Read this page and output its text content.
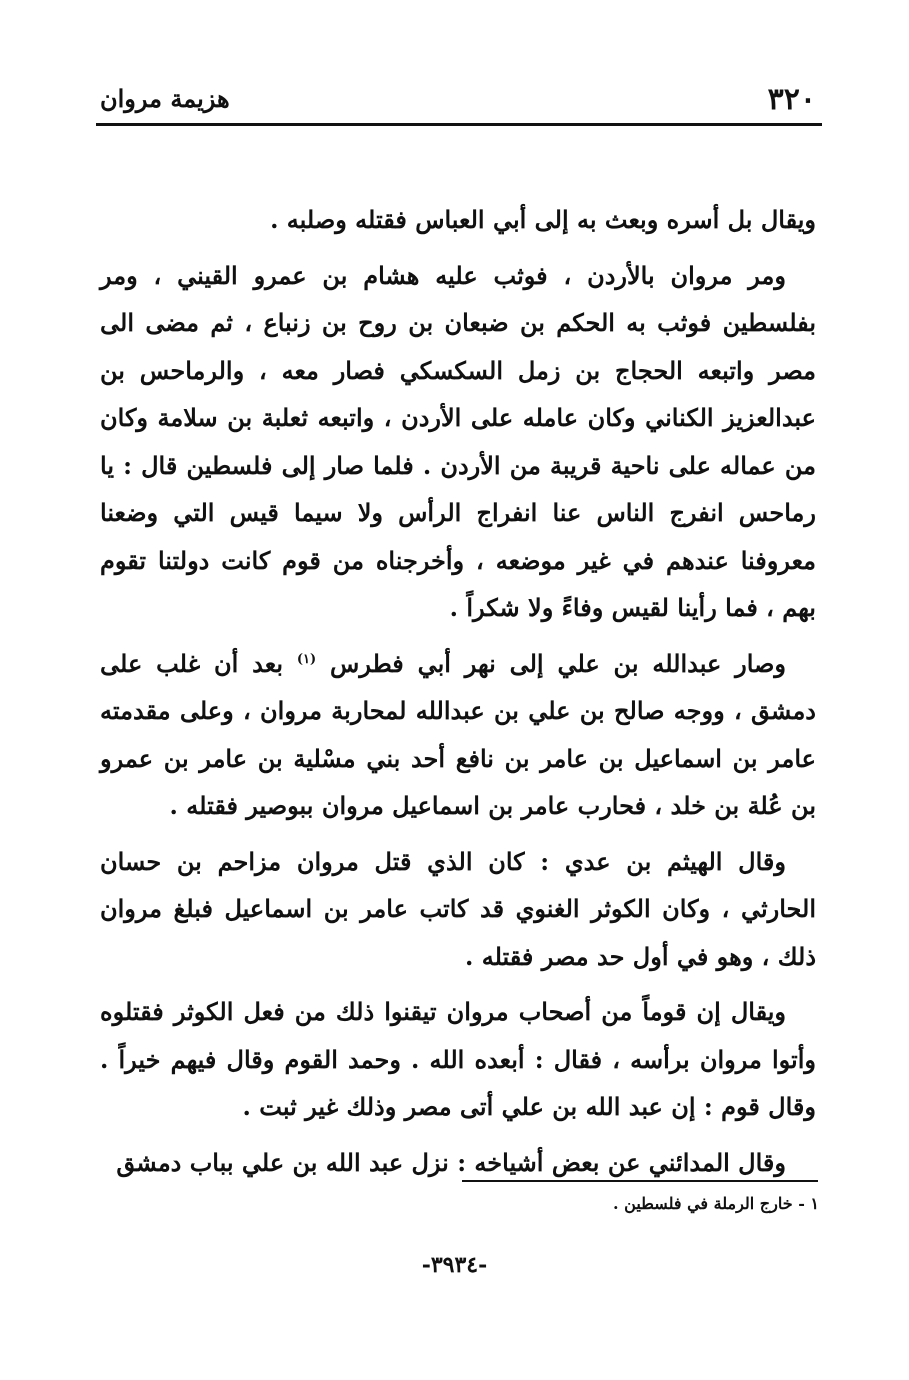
٣٢٠
هزيمة مروان

ويقال بل أسره وبعث به إلى أبي العباس فقتله وصلبه .

ومر مروان بالأردن ، فوثب عليه هشام بن عمرو القيني ، ومر بفلسطين فوثب به الحكم بن ضبعان بن روح بن زنباع ، ثم مضى الى مصر واتبعه الحجاج بن زمل السكسكي فصار معه ، والرماحس بن عبدالعزيز الكناني وكان عامله على الأردن ، واتبعه ثعلبة بن سلامة وكان من عماله على ناحية قريبة من الأردن . فلما صار إلى فلسطين قال : يا رماحس انفرج الناس عنا انفراج الرأس ولا سيما قيس التي وضعنا معروفنا عندهم في غير موضعه ، وأخرجناه من قوم كانت دولتنا تقوم بهم ، فما رأينا لقيس وفاءً ولا شكراً .

وصار عبدالله بن علي إلى نهر أبي فطرس $^{(١)}$ بعد أن غلب على دمشق ، ووجه صالح بن علي بن عبدالله لمحاربة مروان ، وعلى مقدمته عامر بن اسماعيل بن عامر بن نافع أحد بني مسْلية بن عامر بن عمرو بن عُلة بن خلد ، فحارب عامر بن اسماعيل مروان ببوصير فقتله .

وقال الهيثم بن عدي : كان الذي قتل مروان مزاحم بن حسان الحارثي ، وكان الكوثر الغنوي قد كاتب عامر بن اسماعيل فبلغ مروان ذلك ، وهو في أول حد مصر فقتله .

ويقال إن قوماً من أصحاب مروان تيقنوا ذلك من فعل الكوثر فقتلوه وأتوا مروان برأسه ، فقال : أبعده الله . وحمد القوم وقال فيهم خيراً . وقال قوم : إن عبد الله بن علي أتى مصر وذلك غير ثبت .

وقال المدائني عن بعض أشياخه : نزل عبد الله بن علي بباب دمشق

١ - خارج الرملة في فلسطين .
-٣٩٣٤-
